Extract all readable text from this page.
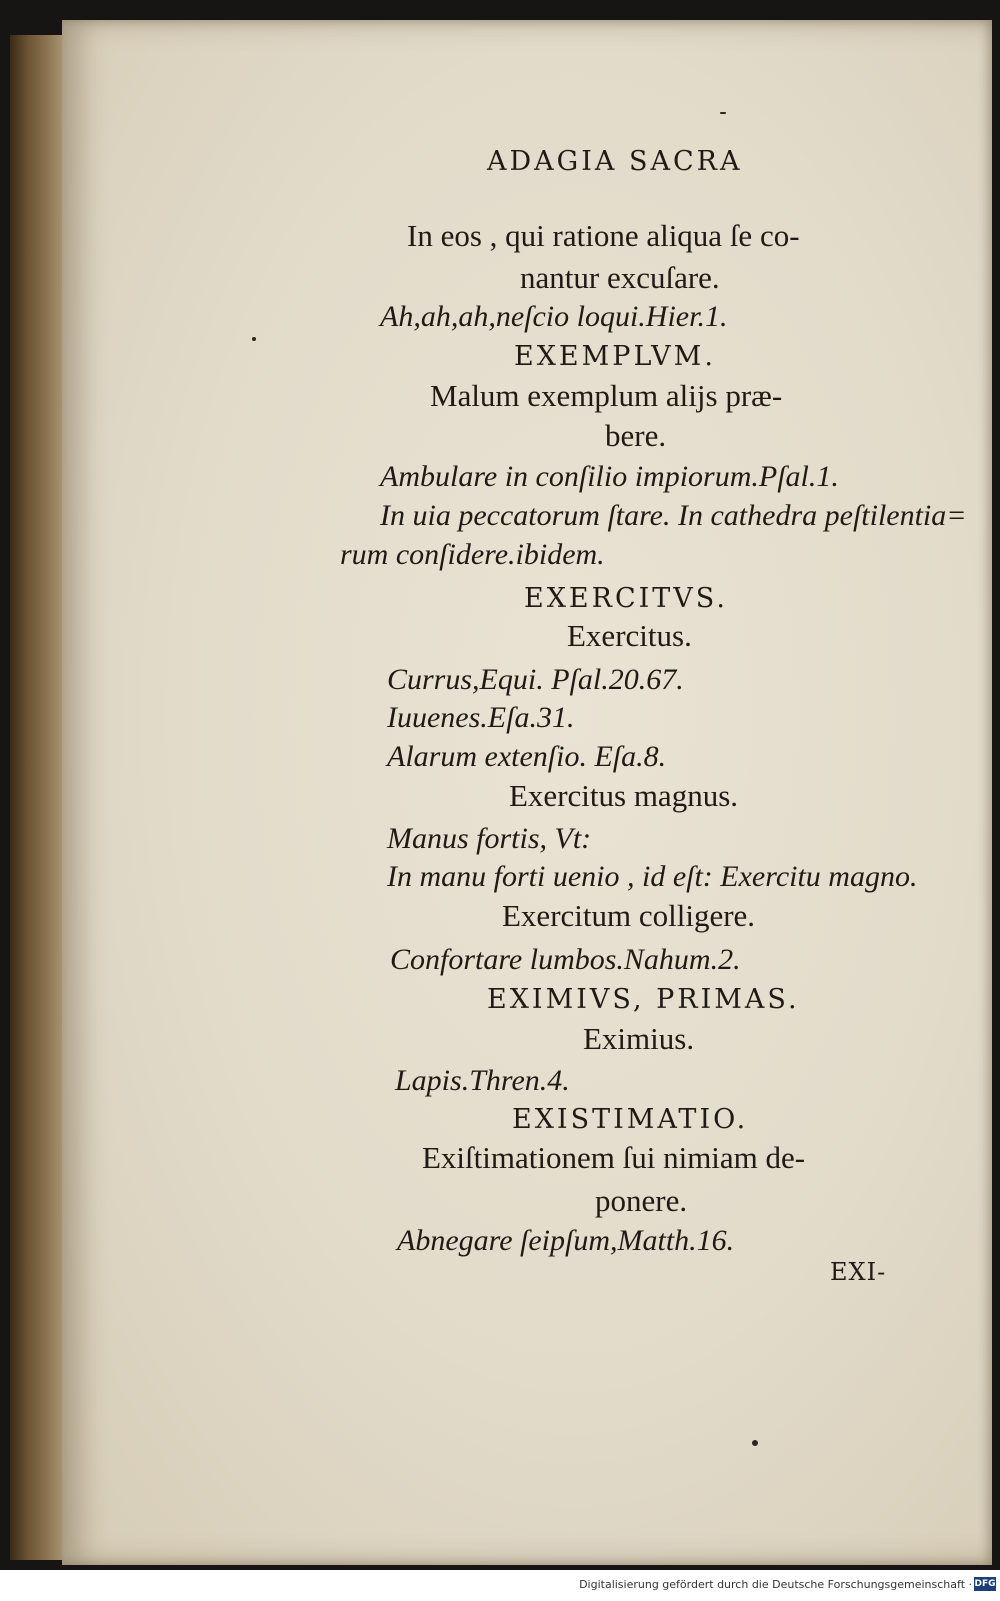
ADAGIA SACRA
In eos , qui ratione aliqua ſe co-
nantur excuſare.
Ah,ah,ah,neſcio loqui.Hier.1.
EXEMPLVM.
Malum exemplum alijs præ-
bere.
Ambulare in conſilio impiorum.Pſal.1.
In uia peccatorum ſtare. In cathedra peſtilentia=
rum conſidere.ibidem.
EXERCITVS.
Exercitus.
Currus,Equi. Pſal.20.67.
Iuuenes.Eſa.31.
Alarum extenſio. Eſa.8.
Exercitus magnus.
Manus fortis, Vt:
In manu forti uenio , id eſt: Exercitu magno.
Exercitum colligere.
Confortare lumbos.Nahum.2.
EXIMIVS, PRIMAS.
Eximius.
Lapis.Thren.4.
EXISTIMATIO.
Exiſtimationem ſui nimiam de-
ponere.
Abnegare ſeipſum,Matth.16.
EXI-
Digitalisierung gefördert durch die Deutsche Forschungsgemeinschaft · DFG
